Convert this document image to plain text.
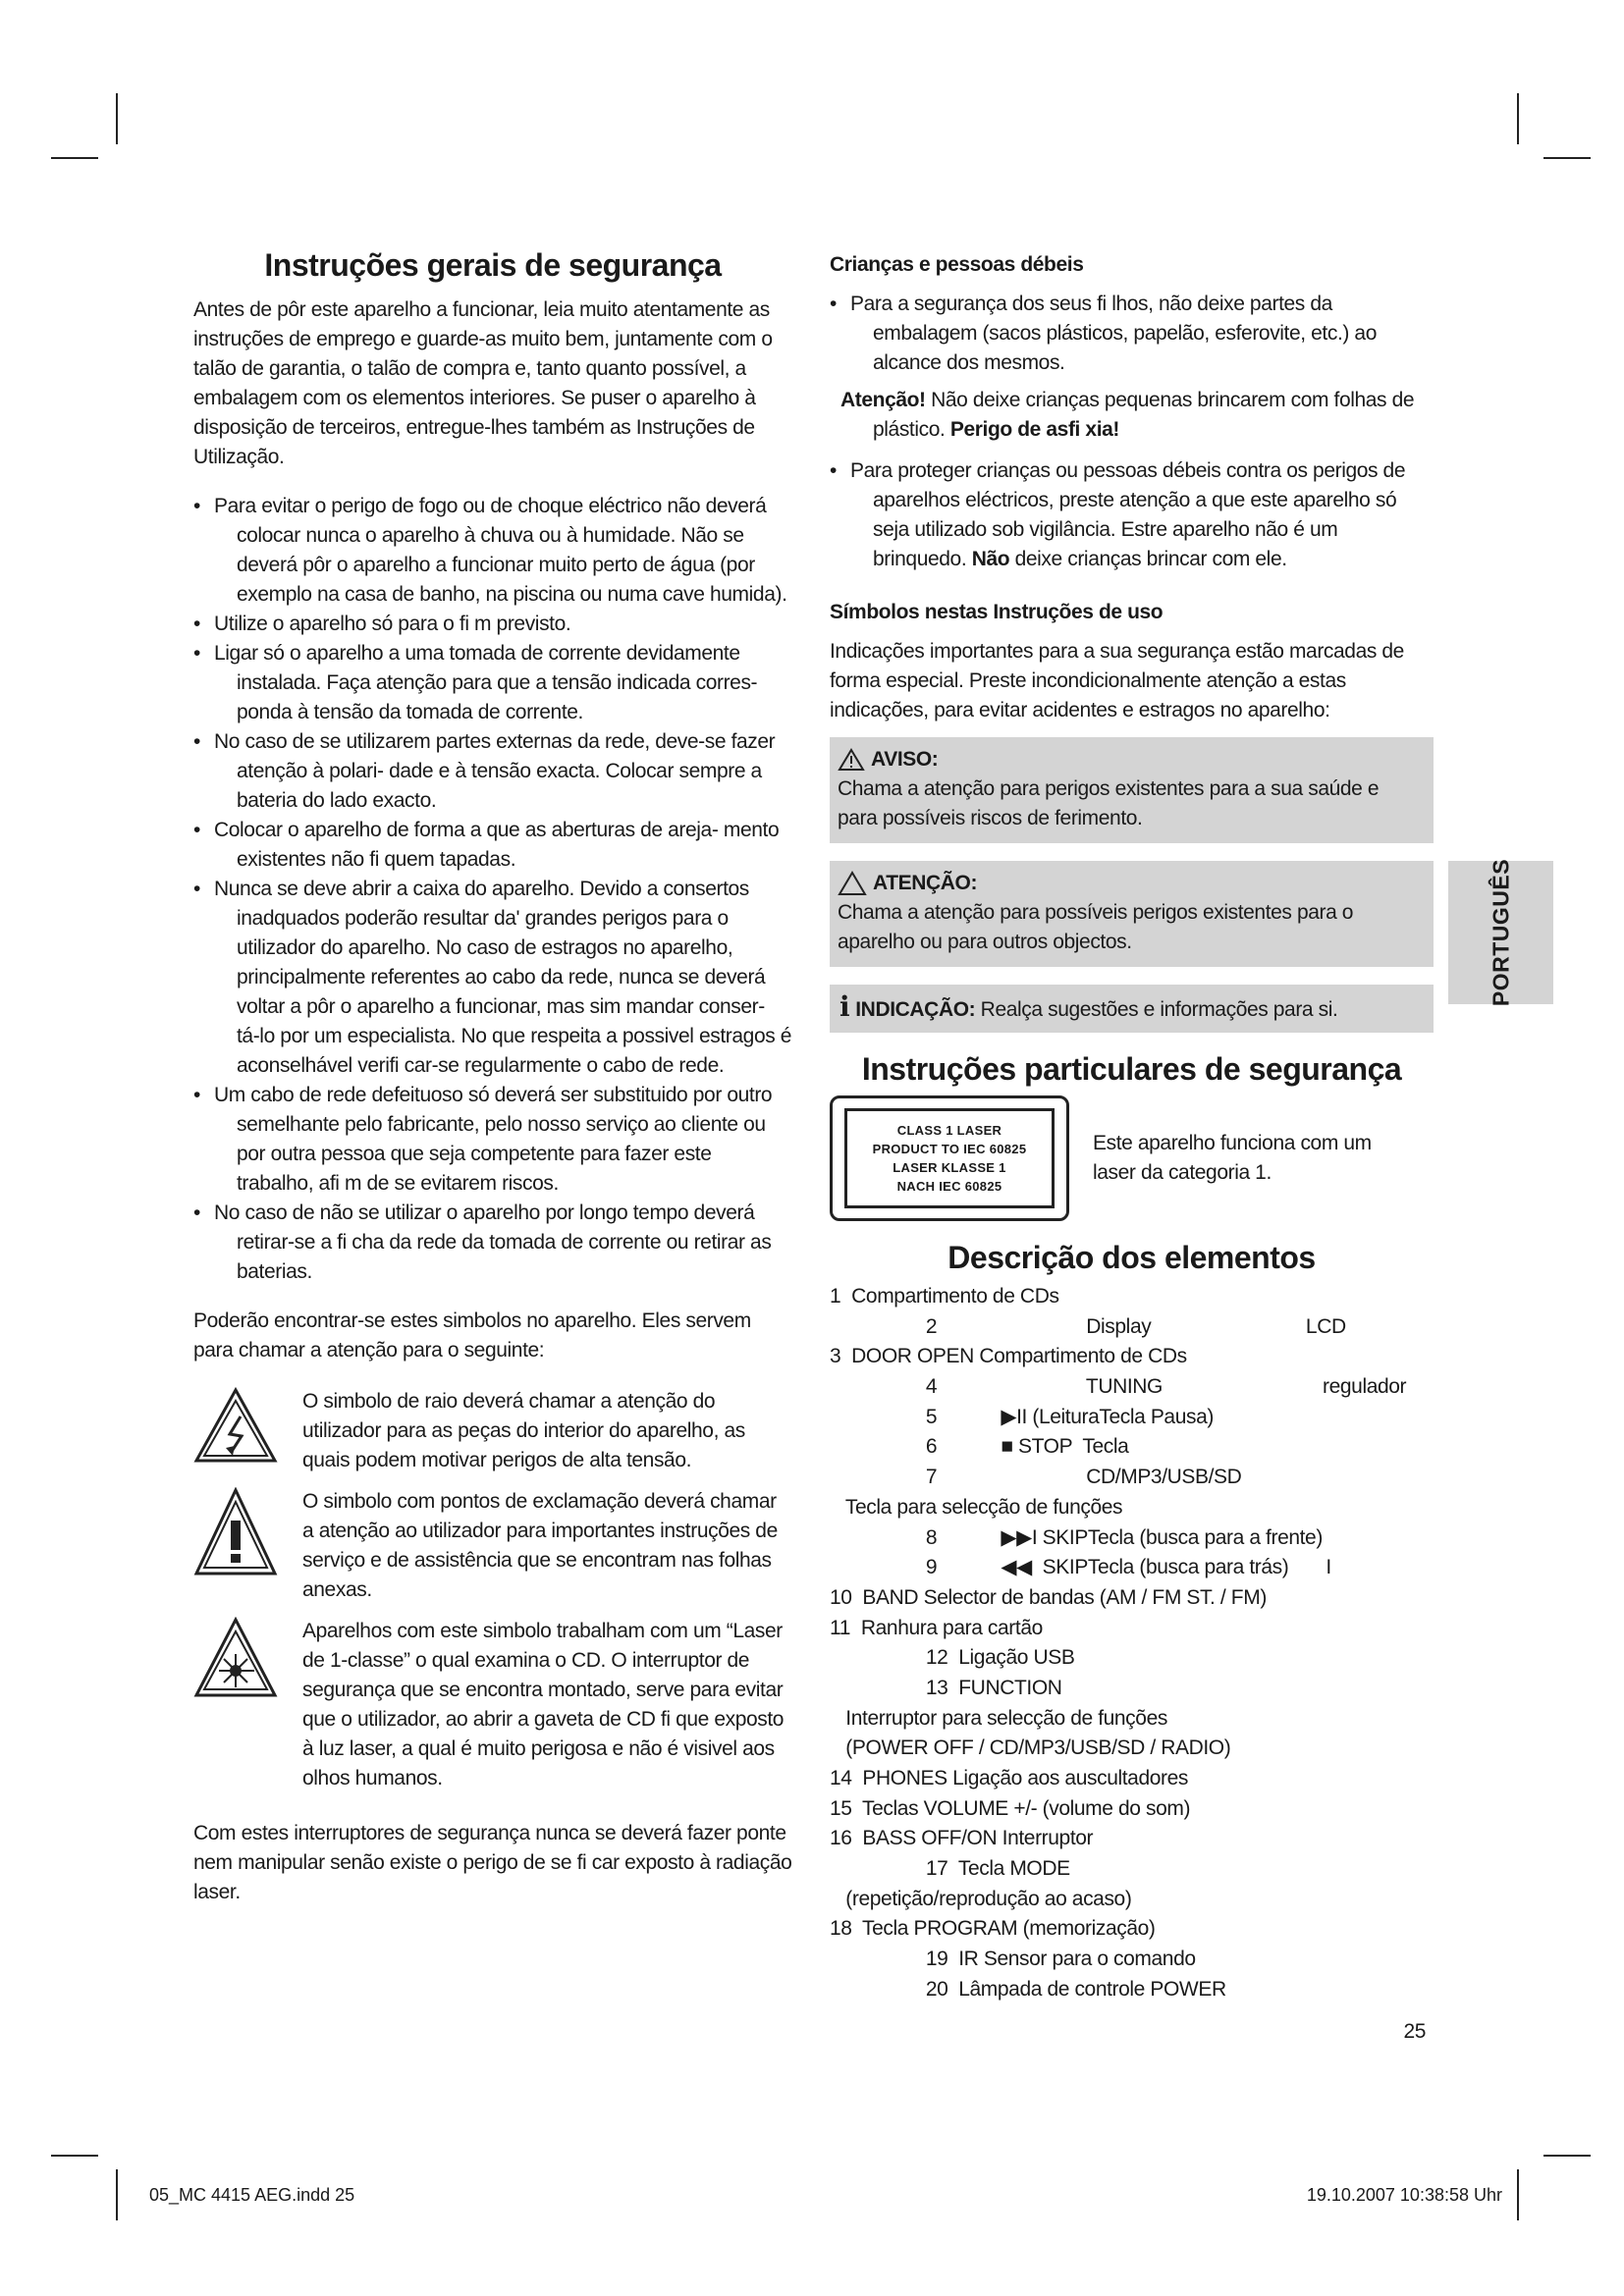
Instruções gerais de segurança

Antes de pôr este aparelho a funcionar, leia muito atentamente as instruções de emprego e guarde-as muito bem, juntamente com o talão de garantia, o talão de compra e, tanto quanto possível, a embalagem com os elementos interiores. Se puser o aparelho à disposição de terceiros, entregue-lhes também as Instruções de Utilização.

• Para evitar o perigo de fogo ou de choque eléctrico não deverá colocar nunca o aparelho à chuva ou à humidade. Não se deverá pôr o aparelho a funcionar muito perto de água (por exemplo na casa de banho, na piscina ou numa cave humida).
• Utilize o aparelho só para o fi m previsto.
• Ligar só o aparelho a uma tomada de corrente devidamente instalada. Faça atenção para que a tensão indicada corres- ponda à tensão da tomada de corrente.
• No caso de se utilizarem partes externas da rede, deve-se fazer atenção à polari- dade e à tensão exacta. Colocar sempre a bateria do lado exacto.
• Colocar o aparelho de forma a que as aberturas de areja- mento existentes não fi quem tapadas.
• Nunca se deve abrir a caixa do aparelho. Devido a consertos inadquados poderão resultar da' grandes perigos para o utilizador do aparelho. No caso de estragos no aparelho, principalmente referentes ao cabo da rede, nunca se deverá voltar a pôr o aparelho a funcionar, mas sim mandar conser- tá-lo por um especialista. No que respeita a possivel estragos é aconselhável verifi car-se regularmente o cabo de rede.
• Um cabo de rede defeituoso só deverá ser substituido por outro semelhante pelo fabricante, pelo nosso serviço ao cliente ou por outra pessoa que seja competente para fazer este trabalho, afi m de se evitarem riscos.
• No caso de não se utilizar o aparelho por longo tempo deverá retirar-se a fi cha da rede da tomada de corrente ou retirar as baterias.

Poderão encontrar-se estes simbolos no aparelho. Eles servem para chamar a atenção para o seguinte:

O simbolo de raio deverá chamar a atenção do utilizador para as peças do interior do aparelho, as quais podem motivar perigos de alta tensão.
O simbolo com pontos de exclamação deverá chamar a atenção ao utilizador para importantes instruções de serviço e de assistência que se encontram nas folhas anexas.
Aparelhos com este simbolo trabalham com um “Laser de 1-classe” o qual examina o CD. O interruptor de segurança que se encontra montado, serve para evitar que o utilizador, ao abrir a gaveta de CD fi que exposto à luz laser, a qual é muito perigosa e não é visivel aos olhos humanos.

Com estes interruptores de segurança nunca se deverá fazer ponte nem manipular senão existe o perigo de se fi car exposto à radiação laser.

Crianças e pessoas débeis
• Para a segurança dos seus fi lhos, não deixe partes da embalagem (sacos plásticos, papelão, esferovite, etc.) ao alcance dos mesmos.

Atenção! Não deixe crianças pequenas brincarem com folhas de plástico. Perigo de asfi xia!

• Para proteger crianças ou pessoas débeis contra os perigos de aparelhos eléctricos, preste atenção a que este aparelho só seja utilizado sob vigilância. Estre aparelho não é um brinquedo. Não deixe crianças brincar com ele.
Símbolos nestas Instruções de uso

Indicações importantes para a sua segurança estão marcadas de forma especial. Preste incondicionalmente atenção a estas indicações, para evitar acidentes e estragos no aparelho:

AVISO:
Chama a atenção para perigos existentes para a sua saúde e para possíveis riscos de ferimento.
ATENÇÃO:
Chama a atenção para possíveis perigos existentes para o aparelho ou para outros objectos.
i INDICAÇÃO: Realça sugestões e informações para si.
Instruções particulares de segurança
CLASS 1 LASER
PRODUCT TO IEC 60825
LASER KLASSE 1
NACH IEC 60825
Este aparelho funciona com um laser da categoria 1.
Descrição dos elementos
1  Compartimento de CDs
2                            Display                             LCD
3  DOOR OPEN Compartimento de CDs
4                            TUNING                              regulador
5            ▶II (LeituraTecla Pausa)
6            ■ STOP  Tecla
7                            CD/MP3/USB/SD
Tecla para selecção de funções
8            ▶▶I SKIPTecla (busca para a frente)
9            ◀◀  SKIPTecla (busca para trás)       I
10  BAND Selector de bandas (AM / FM ST. / FM)
11  Ranhura para cartão
12  Ligação USB
13  FUNCTION
Interruptor para selecção de funções
(POWER OFF / CD/MP3/USB/SD / RADIO)
14  PHONES Ligação aos auscultadores
15  Teclas VOLUME +/- (volume do som)
16  BASS OFF/ON Interruptor
17  Tecla MODE
(repetição/reprodução ao acaso)
18  Tecla PROGRAM (memorização)
19  IR Sensor para o comando
20  Lâmpada de controle POWER
25
PORTUGUÊS
05_MC 4415 AEG.indd 25	19.10.2007 10:38:58 Uhr
